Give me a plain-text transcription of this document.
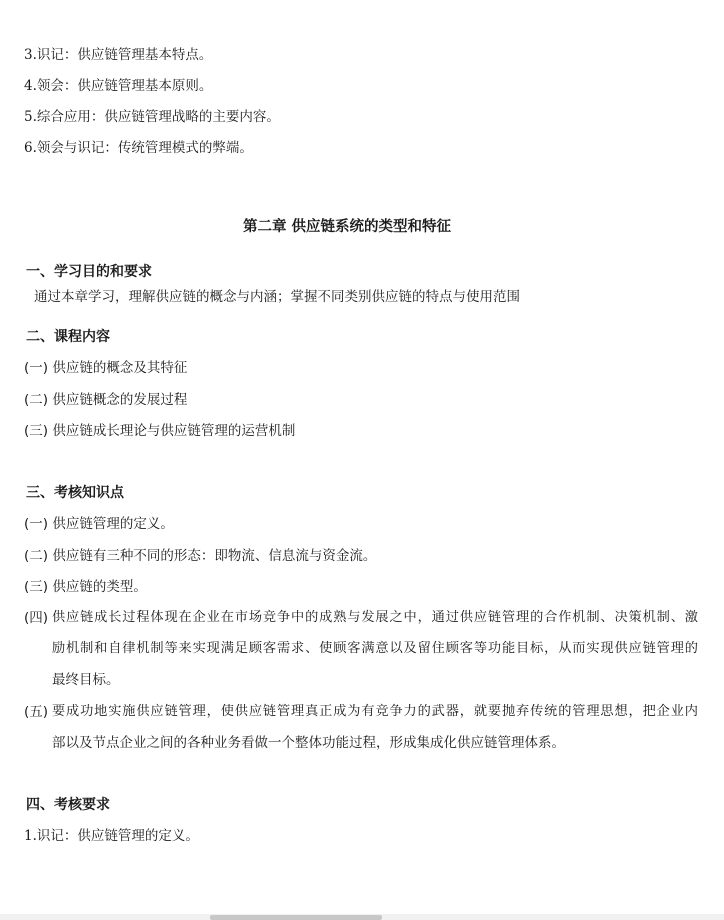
3.识记：供应链管理基本特点。
4.领会：供应链管理基本原则。
5.综合应用：供应链管理战略的主要内容。
6.领会与识记：传统管理模式的弊端。
第二章 供应链系统的类型和特征
一、学习目的和要求
通过本章学习，理解供应链的概念与内涵；掌握不同类别供应链的特点与使用范围
二、课程内容
(一) 供应链的概念及其特征
(二) 供应链概念的发展过程
(三) 供应链成长理论与供应链管理的运营机制
三、考核知识点
(一) 供应链管理的定义。
(二) 供应链有三种不同的形态：即物流、信息流与资金流。
(三) 供应链的类型。
(四) 供应链成长过程体现在企业在市场竞争中的成熟与发展之中，通过供应链管理的合作机制、决策机制、激
励机制和自律机制等来实现满足顾客需求、使顾客满意以及留住顾客等功能目标，从而实现供应链管理的
最终目标。
(五) 要成功地实施供应链管理，使供应链管理真正成为有竞争力的武器，就要抛弃传统的管理思想，把企业内
部以及节点企业之间的各种业务看做一个整体功能过程，形成集成化供应链管理体系。
四、考核要求
1.识记：供应链管理的定义。
